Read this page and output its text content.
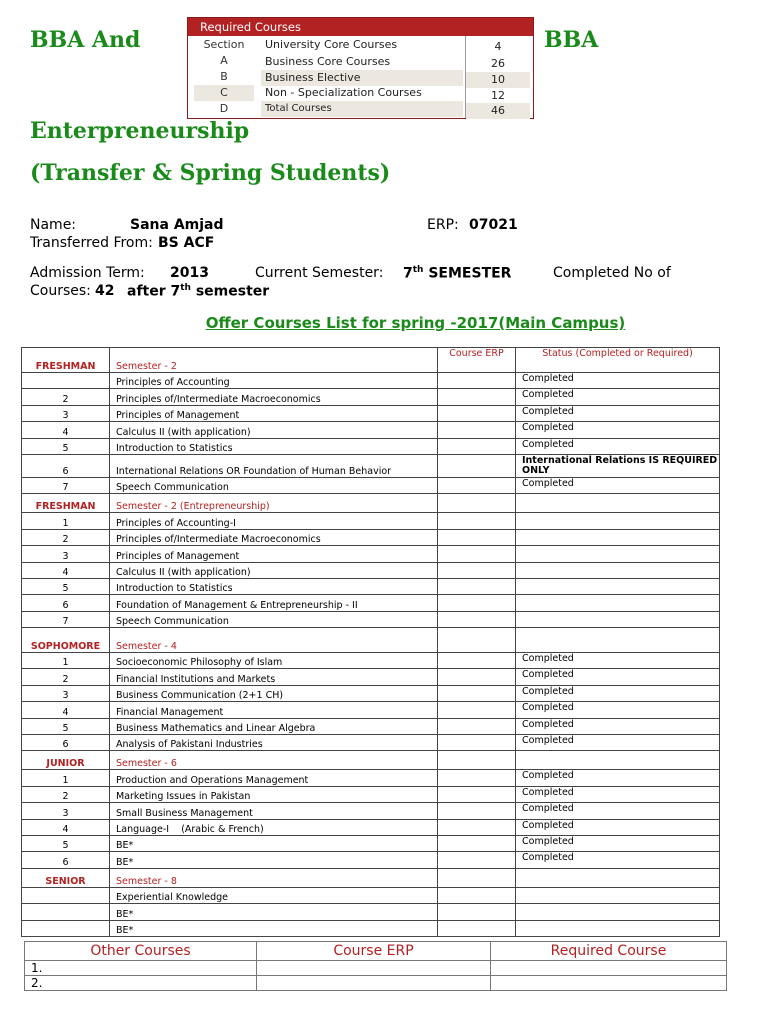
BBA And	BBA
Enterpreneurship
(Transfer & Spring Students)
Required Courses
Section	University Core Courses	4
A	Business Core Courses	26
B	Business Elective	10
C	Non - Specialization Courses	12
D	Total Courses	46
Name:	Sana Amjad	ERP: 07021
Transferred From: BS ACF
Admission Term: 2013	Current Semester: 7th SEMESTER	Completed No of
Courses: 42 after 7th semester
Offer Courses List for spring -2017(Main Campus)
FRESHMAN	Semester - 2	Course ERP	Status (Completed or Required)
	Principles of Accounting		Completed
2	Principles of/Intermediate Macroeconomics		Completed
3	Principles of Management		Completed
4	Calculus II (with application)		Completed
5	Introduction to Statistics		Completed
6	International Relations OR Foundation of Human Behavior		International Relations IS REQUIRED ONLY
7	Speech Communication		Completed
FRESHMAN	Semester - 2 (Entrepreneurship)		
1	Principles of Accounting-I		
2	Principles of/Intermediate Macroeconomics		
3	Principles of Management		
4	Calculus II (with application)		
5	Introduction to Statistics		
6	Foundation of Management & Entrepreneurship - II		
7	Speech Communication		
SOPHOMORE	Semester - 4		
1	Socioeconomic Philosophy of Islam		Completed
2	Financial Institutions and Markets		Completed
3	Business Communication (2+1 CH)		Completed
4	Financial Management		Completed
5	Business Mathematics and Linear Algebra		Completed
6	Analysis of Pakistani Industries		Completed
JUNIOR	Semester - 6		
1	Production and Operations Management		Completed
2	Marketing Issues in Pakistan		Completed
3	Small Business Management		Completed
4	Language-I    (Arabic & French)		Completed
5	BE*		Completed
6	BE*		Completed
SENIOR	Semester - 8		
	Experiential Knowledge		
	BE*		
	BE*		
Other Courses	Course ERP	Required Course
1.		
2.		
